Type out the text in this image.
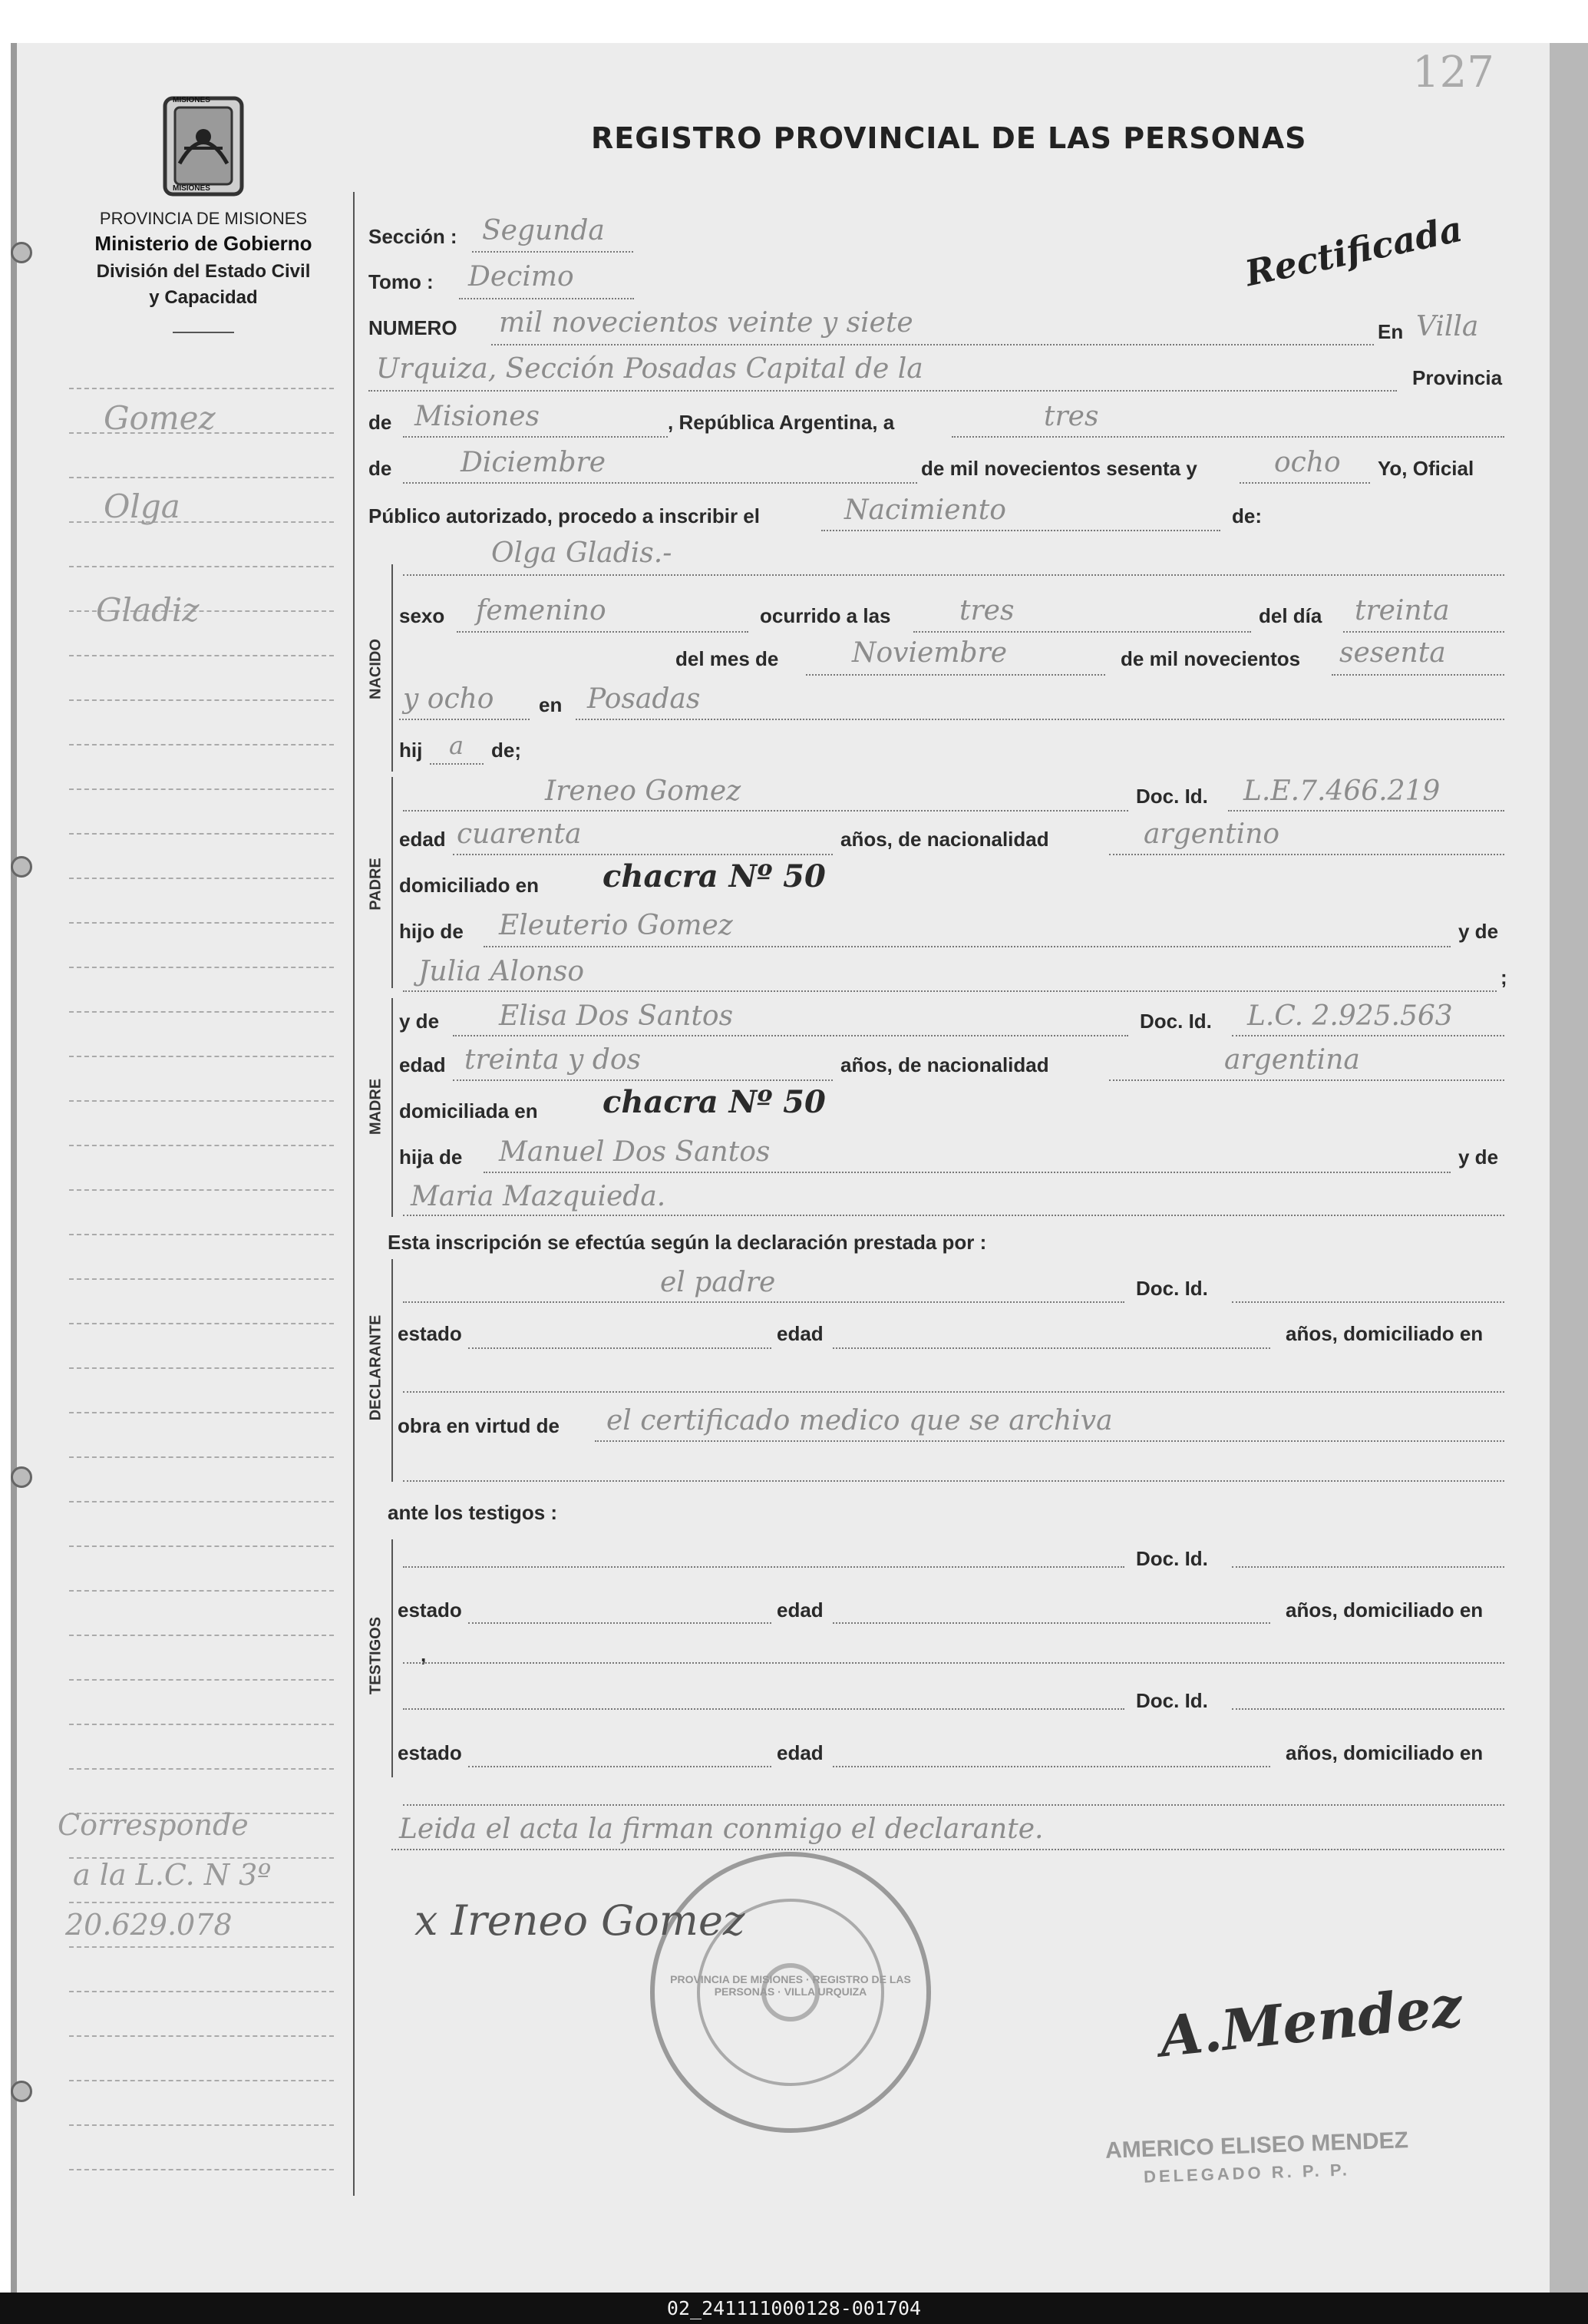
127
MISIONES
MISIONES
REGISTRO PROVINCIAL DE LAS PERSONAS
PROVINCIA DE MISIONES
Ministerio de Gobierno
División del Estado Civil
y Capacidad
Gomez
Olga
Gladiz
Corresponde
a la L.C. N 3º
20.629.078
Rectificada
Sección : Segunda
Tomo : Decimo
NUMERO mil novecientos veinte y siete	En Villa
Urquiza, Sección Posadas Capital de la	Provincia
de Misiones	, República Argentina, a	tres
de Diciembre	de mil novecientos sesenta y	ocho Yo, Oficial
Público autorizado, procedo a inscribir el	Nacimiento	de:
NACIDO
Olga Gladis.-
sexo femenino	ocurrido a las tres	del día treinta
del mes de	Noviembre	de mil novecientos sesenta
y ocho en Posadas
hij a de;
PADRE
Ireneo Gomez	Doc. Id. L.E.7.466.219
edad cuarenta	años, de nacionalidad	argentino
domiciliado en chacra Nº 50
hijo de Eleuterio Gomez	y de
Julia Alonso	;
MADRE
y de Elisa Dos Santos	Doc. Id. L.C. 2.925.563
edad treinta y dos	años, de nacionalidad	argentina
domiciliada en chacra Nº 50
hija de Manuel Dos Santos	y de
Maria Mazquieda.
Esta inscripción se efectúa según la declaración prestada por :
DECLARANTE
el padre	Doc. Id.
estado	edad	años, domiciliado en
obra en virtud de el certificado medico que se archiva
ante los testigos :
TESTIGOS
Doc. Id.
estado	edad	años, domiciliado en
,
Doc. Id.
estado	edad	años, domiciliado en
Leida el acta la firman conmigo el declarante.
PROVINCIA DE MISIONES · REGISTRO DE LAS PERSONAS · VILLA URQUIZA
x Ireneo Gomez
A.Mendez
AMERICO ELISEO MENDEZ
DELEGADO R. P. P.
02_241111000128-001704
